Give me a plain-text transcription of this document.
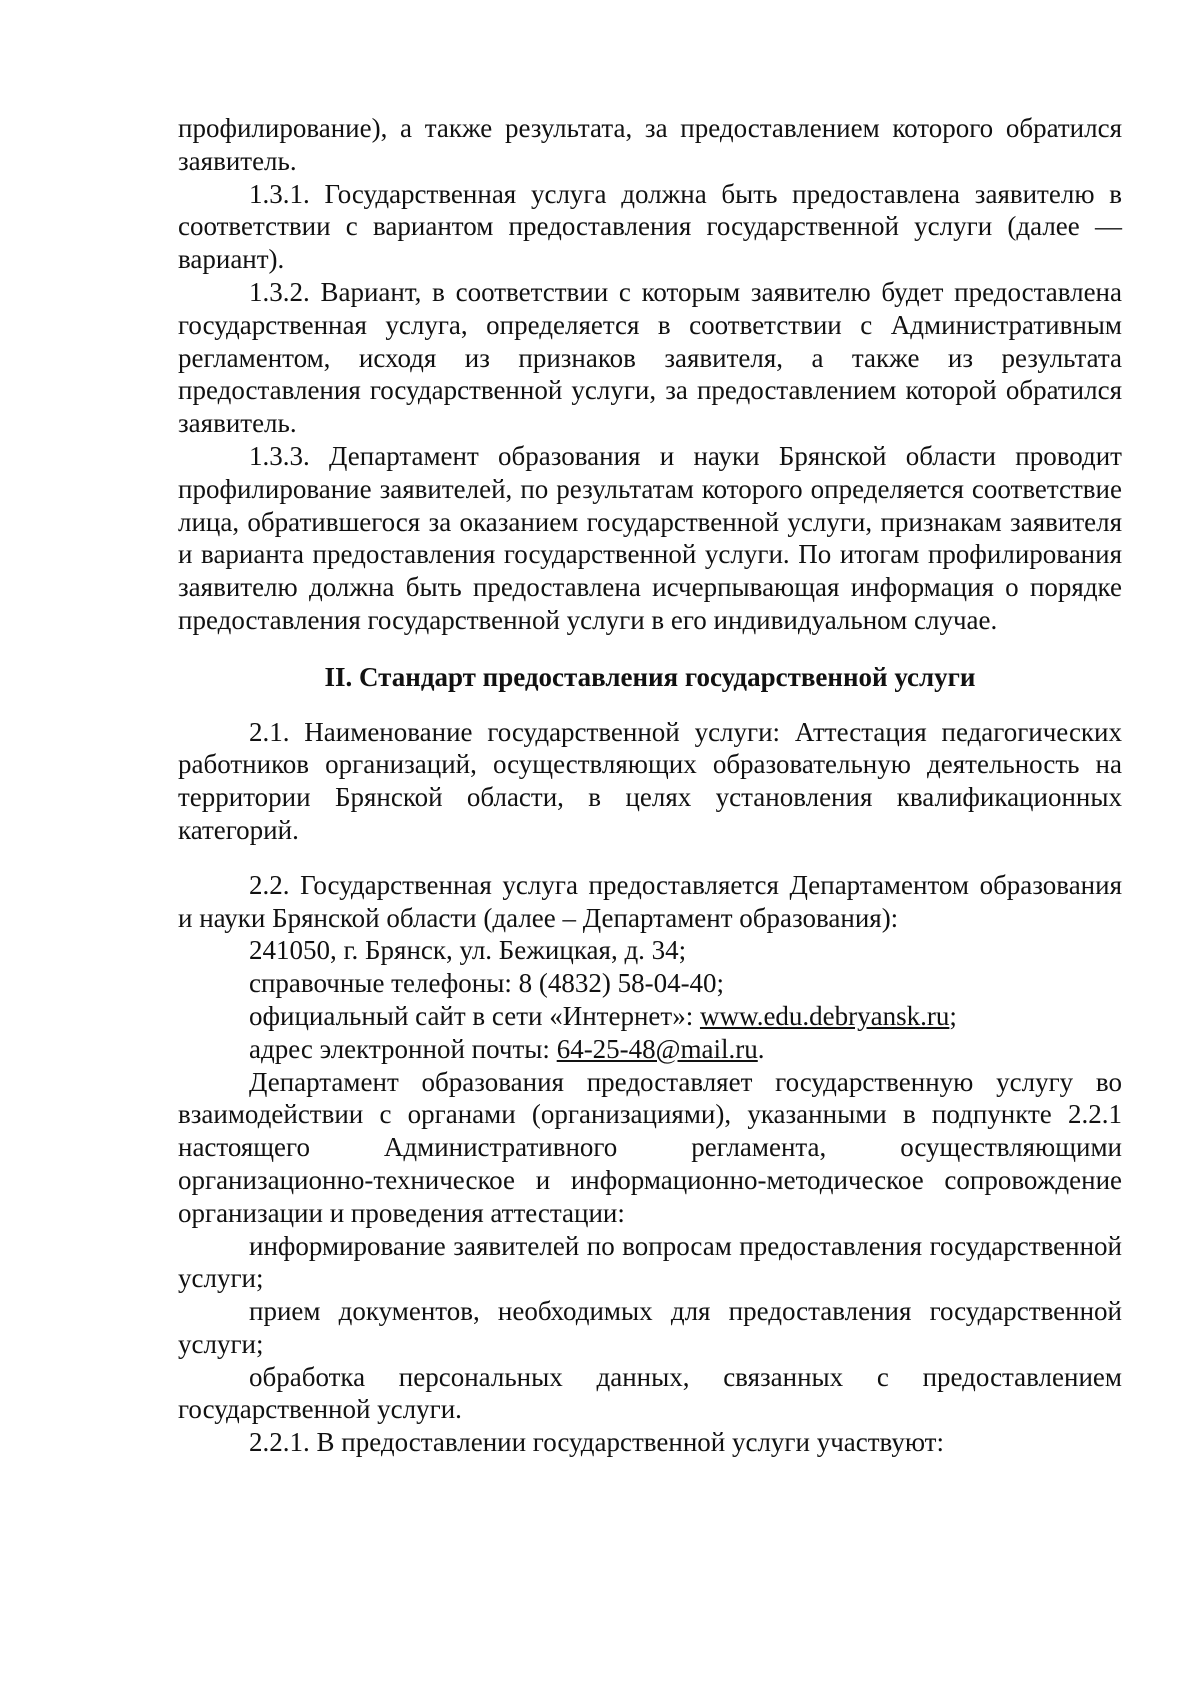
профилирование), а также результата, за предоставлением которого обратился заявитель.

1.3.1. Государственная услуга должна быть предоставлена заявителю в соответствии с вариантом предоставления государственной услуги (далее — вариант).

1.3.2. Вариант, в соответствии с которым заявителю будет предоставлена государственная услуга, определяется в соответствии с Административным регламентом, исходя из признаков заявителя, а также из результата предоставления государственной услуги, за предоставлением которой обратился заявитель.

1.3.3. Департамент образования и науки Брянской области проводит профилирование заявителей, по результатам которого определяется соответствие лица, обратившегося за оказанием государственной услуги, признакам заявителя и варианта предоставления государственной услуги. По итогам профилирования заявителю должна быть предоставлена исчерпывающая информация о порядке предоставления государственной услуги в его индивидуальном случае.

II. Стандарт предоставления государственной услуги

2.1. Наименование государственной услуги: Аттестация педагогических работников организаций, осуществляющих образовательную деятельность на территории Брянской области, в целях установления квалификационных категорий.

2.2. Государственная услуга предоставляется Департаментом образования и науки Брянской области (далее – Департамент образования):

241050, г. Брянск, ул. Бежицкая, д. 34;

справочные телефоны: 8 (4832) 58-04-40;

официальный сайт в сети «Интернет»: www.edu.debryansk.ru;

адрес электронной почты: 64-25-48@mail.ru.

Департамент образования предоставляет государственную услугу во взаимодействии с органами (организациями), указанными в подпункте 2.2.1 настоящего Административного регламента, осуществляющими организационно-техническое и информационно-методическое сопровождение организации и проведения аттестации:

информирование заявителей по вопросам предоставления государственной услуги;

прием документов, необходимых для предоставления государственной услуги;

обработка персональных данных, связанных с предоставлением государственной услуги.

2.2.1. В предоставлении государственной услуги участвуют:
